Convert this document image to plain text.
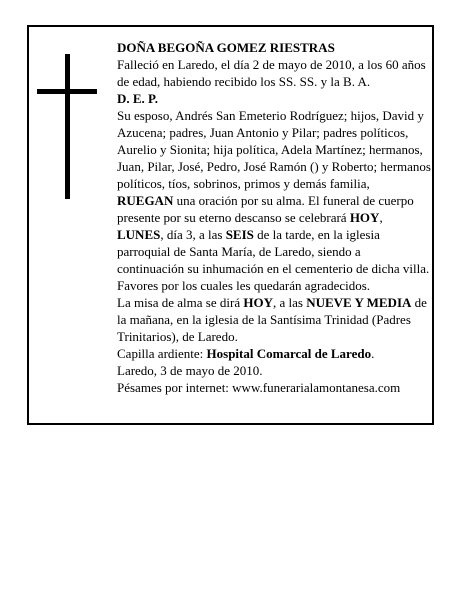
DOÑA BEGOÑA GOMEZ RIESTRAS

Falleció en Laredo, el día 2 de mayo de 2010, a los 60 años de edad, habiendo recibido los SS. SS. y la B. A.

D. E. P.

Su esposo, Andrés San Emeterio Rodríguez; hijos, David y Azucena; padres, Juan Antonio y Pilar; padres políticos, Aurelio y Sionita; hija política, Adela Martínez; hermanos, Juan, Pilar, José, Pedro, José Ramón () y Roberto; hermanos políticos, tíos, sobrinos, primos y demás familia,

RUEGAN una oración por su alma. El funeral de cuerpo presente por su eterno descanso se celebrará HOY, LUNES, día 3, a las SEIS de la tarde, en la iglesia parroquial de Santa María, de Laredo, siendo a continuación su inhumación en el cementerio de dicha villa. Favores por los cuales les quedarán agradecidos.

La misa de alma se dirá HOY, a las NUEVE Y MEDIA de la mañana, en la iglesia de la Santísima Trinidad (Padres Trinitarios), de Laredo.

Capilla ardiente: Hospital Comarcal de Laredo.

Laredo, 3 de mayo de 2010.

Pésames por internet: www.funerarialamontanesa.com
